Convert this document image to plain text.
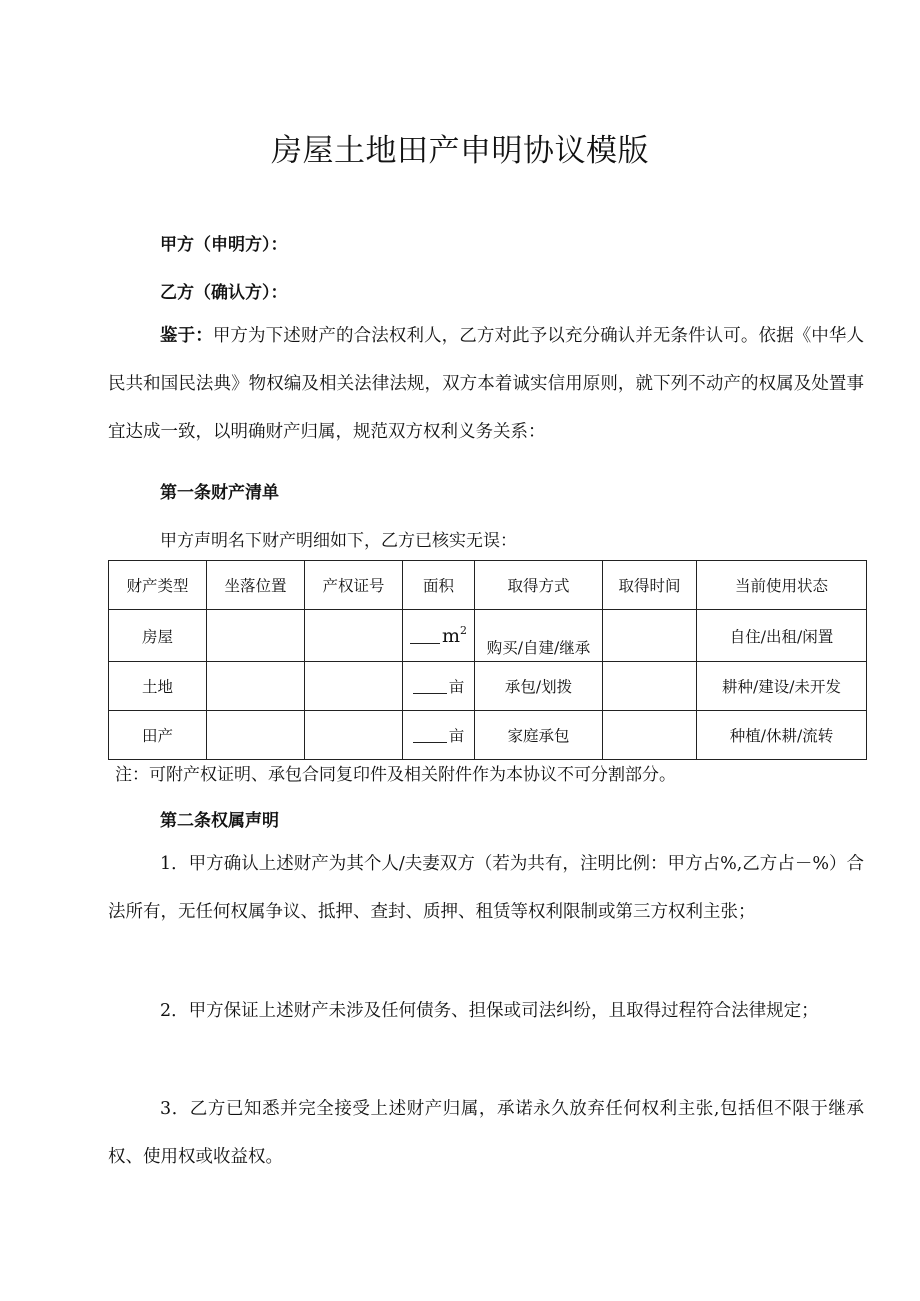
房屋土地田产申明协议模版
甲方（申明方）：
乙方（确认方）：

鉴于：甲方为下述财产的合法权利人，乙方对此予以充分确认并无条件认可。依据《中华人民共和国民法典》物权编及相关法律法规，双方本着诚实信用原则，就下列不动产的权属及处置事宜达成一致，以明确财产归属，规范双方权利义务关系：

第一条财产清单
甲方声明名下财产明细如下，乙方已核实无误：
财产类型	坐落位置	产权证号	面积	取得方式	取得时间	当前使用状态
房屋			$m^2$	购买/自建/继承		自住/出租/闲置
土地			亩	承包/划拨		耕种/建设/未开发
田产			亩	家庭承包		种植/休耕/流转
注：可附产权证明、承包合同复印件及相关附件作为本协议不可分割部分。
第二条权属声明

1．甲方确认上述财产为其个人/夫妻双方（若为共有，注明比例：甲方占%,乙方占－%）合法所有，无任何权属争议、抵押、查封、质押、租赁等权利限制或第三方权利主张；

2．甲方保证上述财产未涉及任何债务、担保或司法纠纷，且取得过程符合法律规定；

3．乙方已知悉并完全接受上述财产归属，承诺永久放弃任何权利主张,包括但不限于继承权、使用权或收益权。
